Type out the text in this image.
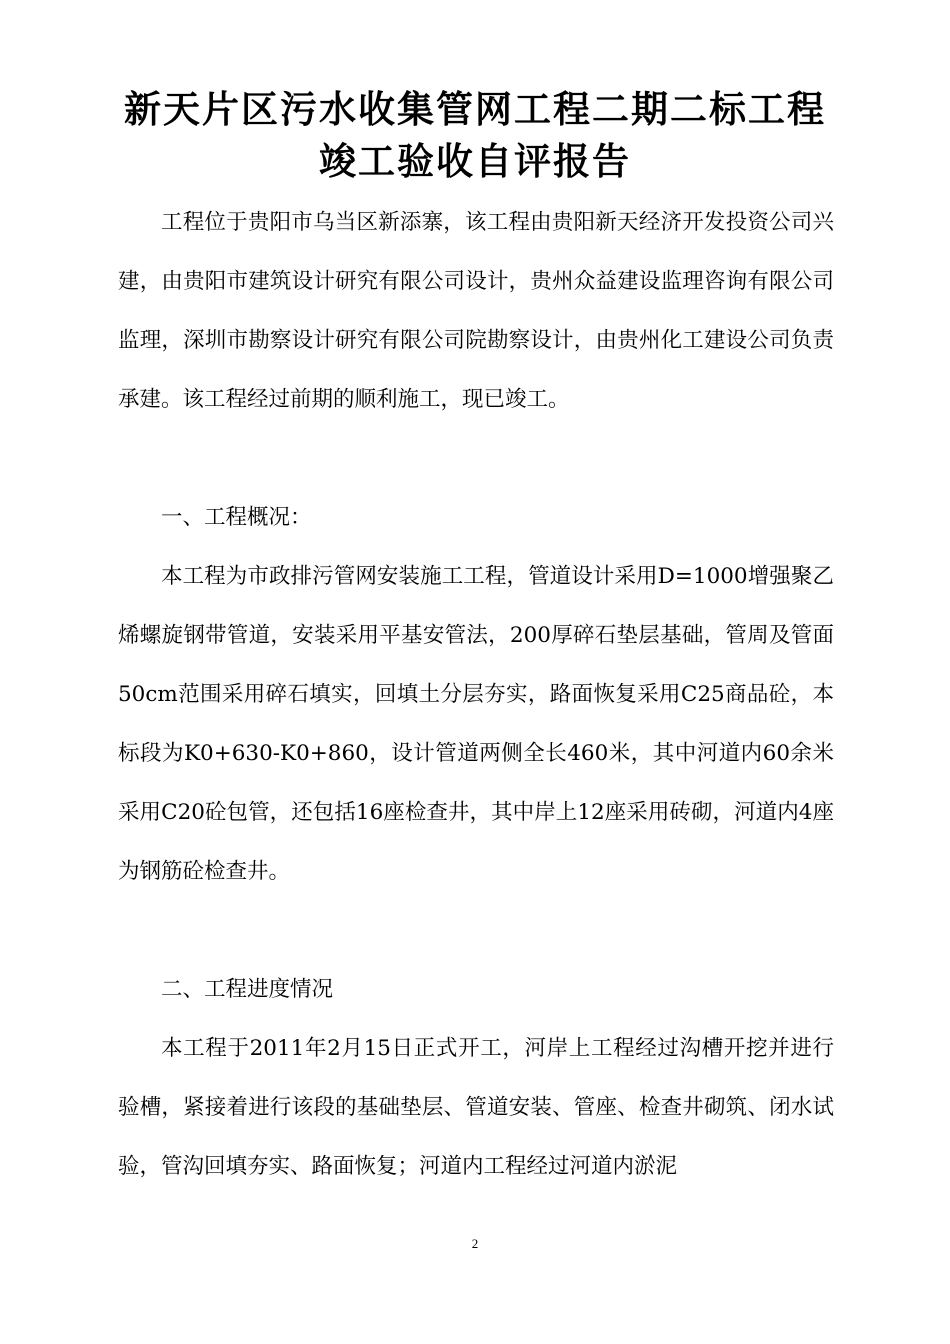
新天片区污水收集管网工程二期二标工程
竣工验收自评报告

工程位于贵阳市乌当区新添寨，该工程由贵阳新天经济开发投资公司兴建，由贵阳市建筑设计研究有限公司设计，贵州众益建设监理咨询有限公司监理，深圳市勘察设计研究有限公司院勘察设计，由贵州化工建设公司负责承建。该工程经过前期的顺利施工，现已竣工。

一、工程概况：

本工程为市政排污管网安装施工工程，管道设计采用D=1000增强聚乙烯螺旋钢带管道，安装采用平基安管法，200厚碎石垫层基础，管周及管面50cm范围采用碎石填实，回填土分层夯实，路面恢复采用C25商品砼，本标段为K0+630-K0+860，设计管道两侧全长460米，其中河道内60余米采用C20砼包管，还包括16座检查井，其中岸上12座采用砖砌，河道内4座为钢筋砼检查井。

二、工程进度情况

本工程于2011年2月15日正式开工，河岸上工程经过沟槽开挖并进行验槽，紧接着进行该段的基础垫层、管道安装、管座、检查井砌筑、闭水试验，管沟回填夯实、路面恢复；河道内工程经过河道内淤泥

2
